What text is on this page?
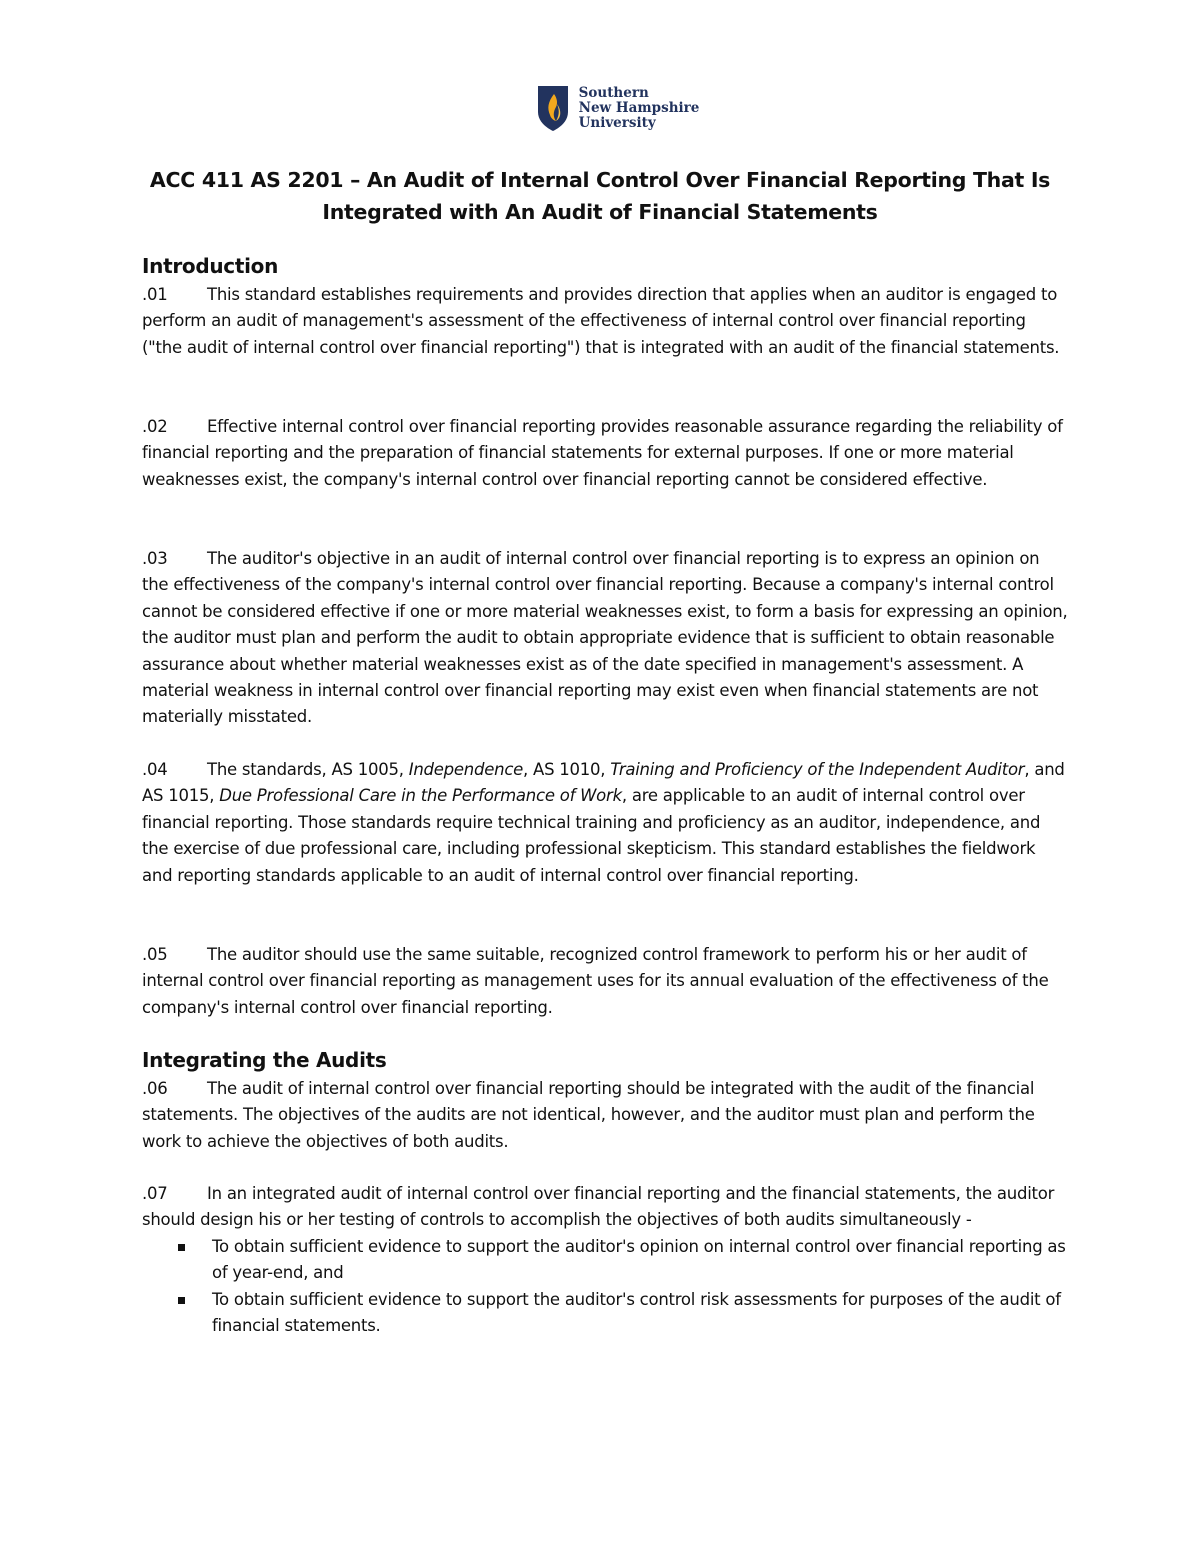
Southern
New Hampshire
University
ACC 411 AS 2201 – An Audit of Internal Control Over Financial Reporting That Is
Integrated with An Audit of Financial Statements
Introduction

.01 This standard establishes requirements and provides direction that applies when an auditor is engaged to perform an audit of management's assessment of the effectiveness of internal control over financial reporting ("the audit of internal control over financial reporting") that is integrated with an audit of the financial statements.

.02 Effective internal control over financial reporting provides reasonable assurance regarding the reliability of financial reporting and the preparation of financial statements for external purposes. If one or more material weaknesses exist, the company's internal control over financial reporting cannot be considered effective.

.03 The auditor's objective in an audit of internal control over financial reporting is to express an opinion on the effectiveness of the company's internal control over financial reporting. Because a company's internal control cannot be considered effective if one or more material weaknesses exist, to form a basis for expressing an opinion, the auditor must plan and perform the audit to obtain appropriate evidence that is sufficient to obtain reasonable assurance about whether material weaknesses exist as of the date specified in management's assessment. A material weakness in internal control over financial reporting may exist even when financial statements are not materially misstated.

.04 The standards, AS 1005, Independence, AS 1010, Training and Proficiency of the Independent Auditor, and AS 1015, Due Professional Care in the Performance of Work, are applicable to an audit of internal control over financial reporting. Those standards require technical training and proficiency as an auditor, independence, and the exercise of due professional care, including professional skepticism. This standard establishes the fieldwork and reporting standards applicable to an audit of internal control over financial reporting.

.05 The auditor should use the same suitable, recognized control framework to perform his or her audit of internal control over financial reporting as management uses for its annual evaluation of the effectiveness of the company's internal control over financial reporting.

Integrating the Audits

.06 The audit of internal control over financial reporting should be integrated with the audit of the financial statements. The objectives of the audits are not identical, however, and the auditor must plan and perform the work to achieve the objectives of both audits.

.07 In an integrated audit of internal control over financial reporting and the financial statements, the auditor should design his or her testing of controls to accomplish the objectives of both audits simultaneously -

To obtain sufficient evidence to support the auditor's opinion on internal control over financial reporting as of year-end, and
To obtain sufficient evidence to support the auditor's control risk assessments for purposes of the audit of financial statements.
